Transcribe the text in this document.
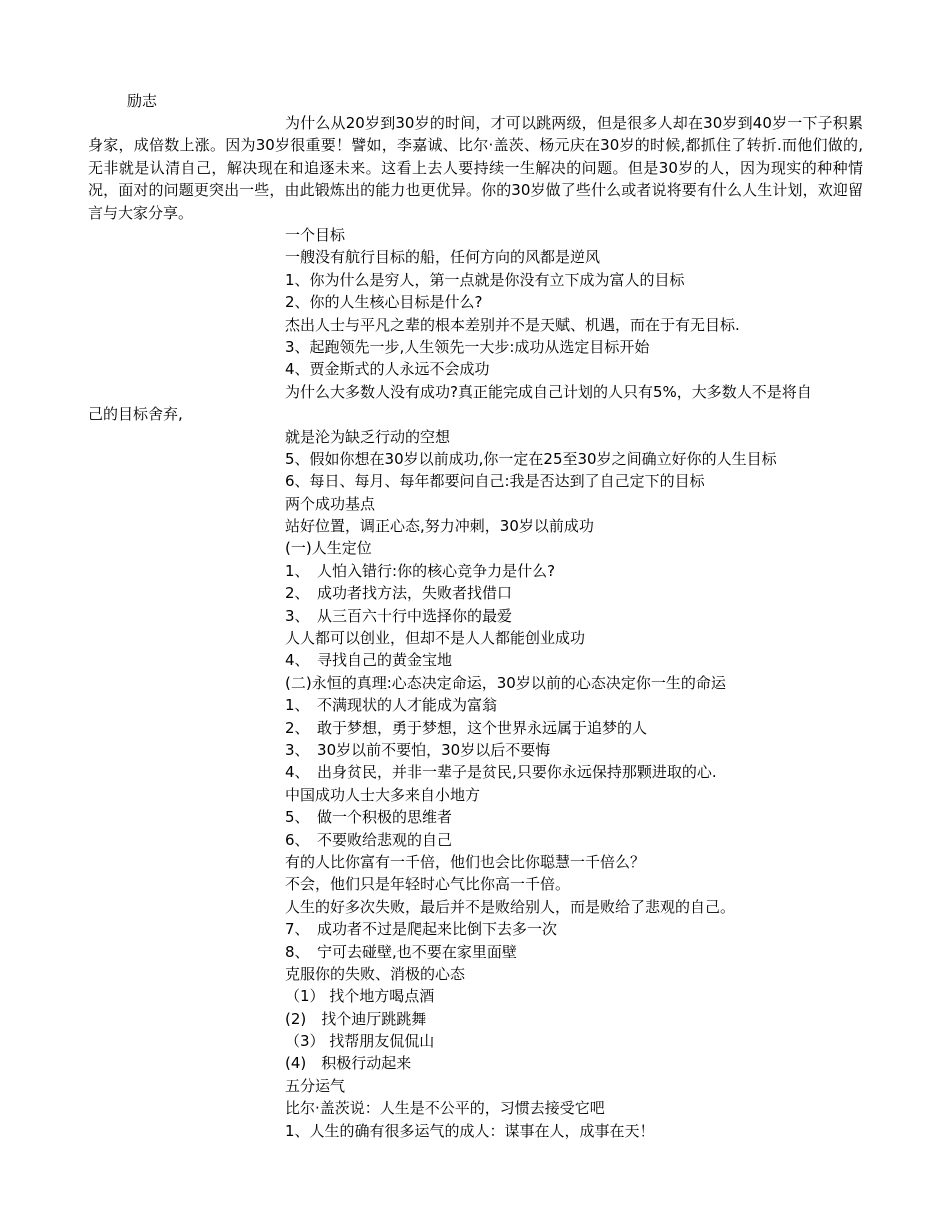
励志
为什么从20岁到30岁的时间，才可以跳两级，但是很多人却在30岁到40岁一下子积累身家，成倍数上涨。因为30岁很重要！譬如，李嘉诚、比尔·盖茨、杨元庆在30岁的时候,都抓住了转折.而他们做的,无非就是认清自己，解决现在和追逐未来。这看上去人要持续一生解决的问题。但是30岁的人，因为现实的种种情况，面对的问题更突出一些，由此锻炼出的能力也更优异。你的30岁做了些什么或者说将要有什么人生计划，欢迎留言与大家分享。
一个目标
一艘没有航行目标的船，任何方向的风都是逆风
1、你为什么是穷人，第一点就是你没有立下成为富人的目标
2、你的人生核心目标是什么?
杰出人士与平凡之辈的根本差别并不是天赋、机遇，而在于有无目标.
3、起跑领先一步,人生领先一大步:成功从选定目标开始
4、贾金斯式的人永远不会成功
为什么大多数人没有成功?真正能完成自己计划的人只有5%，大多数人不是将自
己的目标舍弃,
就是沦为缺乏行动的空想
5、假如你想在30岁以前成功,你一定在25至30岁之间确立好你的人生目标
6、每日、每月、每年都要问自己:我是否达到了自己定下的目标
两个成功基点
站好位置，调正心态,努力冲刺，30岁以前成功
(一)人生定位
1、　人怕入错行:你的核心竞争力是什么?
2、　成功者找方法，失败者找借口
3、　从三百六十行中选择你的最爱
人人都可以创业，但却不是人人都能创业成功
4、　寻找自己的黄金宝地
(二)永恒的真理:心态决定命运，30岁以前的心态决定你一生的命运
1、　不满现状的人才能成为富翁
2、　敢于梦想，勇于梦想，这个世界永远属于追梦的人
3、　30岁以前不要怕，30岁以后不要悔
4、　出身贫民，并非一辈子是贫民,只要你永远保持那颗进取的心.
中国成功人士大多来自小地方
5、　做一个积极的思维者
6、　不要败给悲观的自己
有的人比你富有一千倍，他们也会比你聪慧一千倍么？
不会，他们只是年轻时心气比你高一千倍。
人生的好多次失败，最后并不是败给别人，而是败给了悲观的自己。
7、　成功者不过是爬起来比倒下去多一次
8、　宁可去碰壁,也不要在家里面壁
克服你的失败、消极的心态
（1） 找个地方喝点酒
(2)　找个迪厅跳跳舞
（3） 找帮朋友侃侃山
(4)　积极行动起来
五分运气
比尔·盖茨说：人生是不公平的，习惯去接受它吧
1、人生的确有很多运气的成人：谋事在人，成事在天！
